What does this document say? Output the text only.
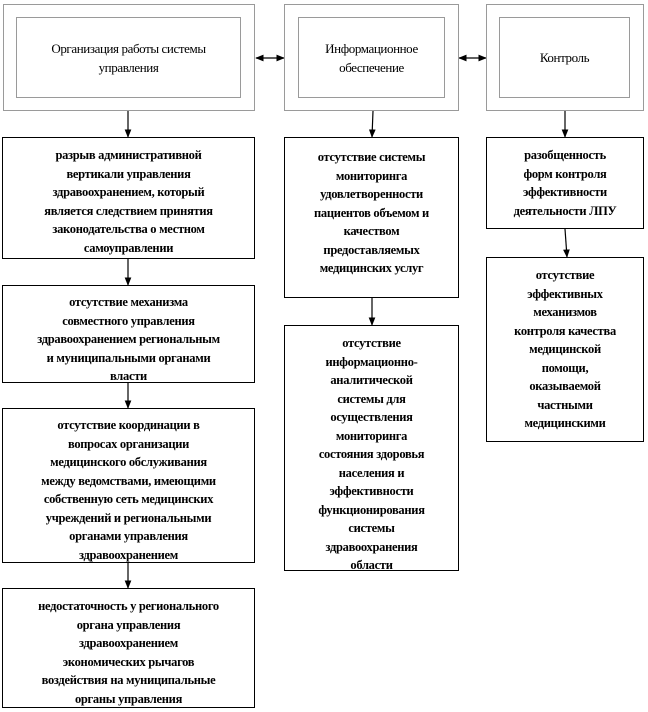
Организация работы системы управления
Информационное обеспечение
Контроль
разрыв административной
вертикали управления
здравоохранением, который
является следствием принятия
законодательства о местном
самоуправлении
отсутствие механизма
совместного управления
здравоохранением региональным
и муниципальными органами
власти
отсутствие координации в
вопросах организации
медицинского обслуживания
между ведомствами, имеющими
собственную сеть медицинских
учреждений и региональными
органами управления
здравоохранением
недостаточность у регионального
органа управления
здравоохранением
экономических рычагов
воздействия на муниципальные
органы управления
отсутствие системы
мониторинга
удовлетворенности
пациентов объемом и
качеством
предоставляемых
медицинских услуг
отсутствие
информационно-
аналитической
системы для
осуществления
мониторинга
состояния здоровья
населения и
эффективности
функционирования
системы
здравоохранения
области
разобщенность
форм контроля
эффективности
деятельности ЛПУ
отсутствие
эффективных
механизмов
контроля качества
медицинской
помощи,
оказываемой
частными
медицинскими
